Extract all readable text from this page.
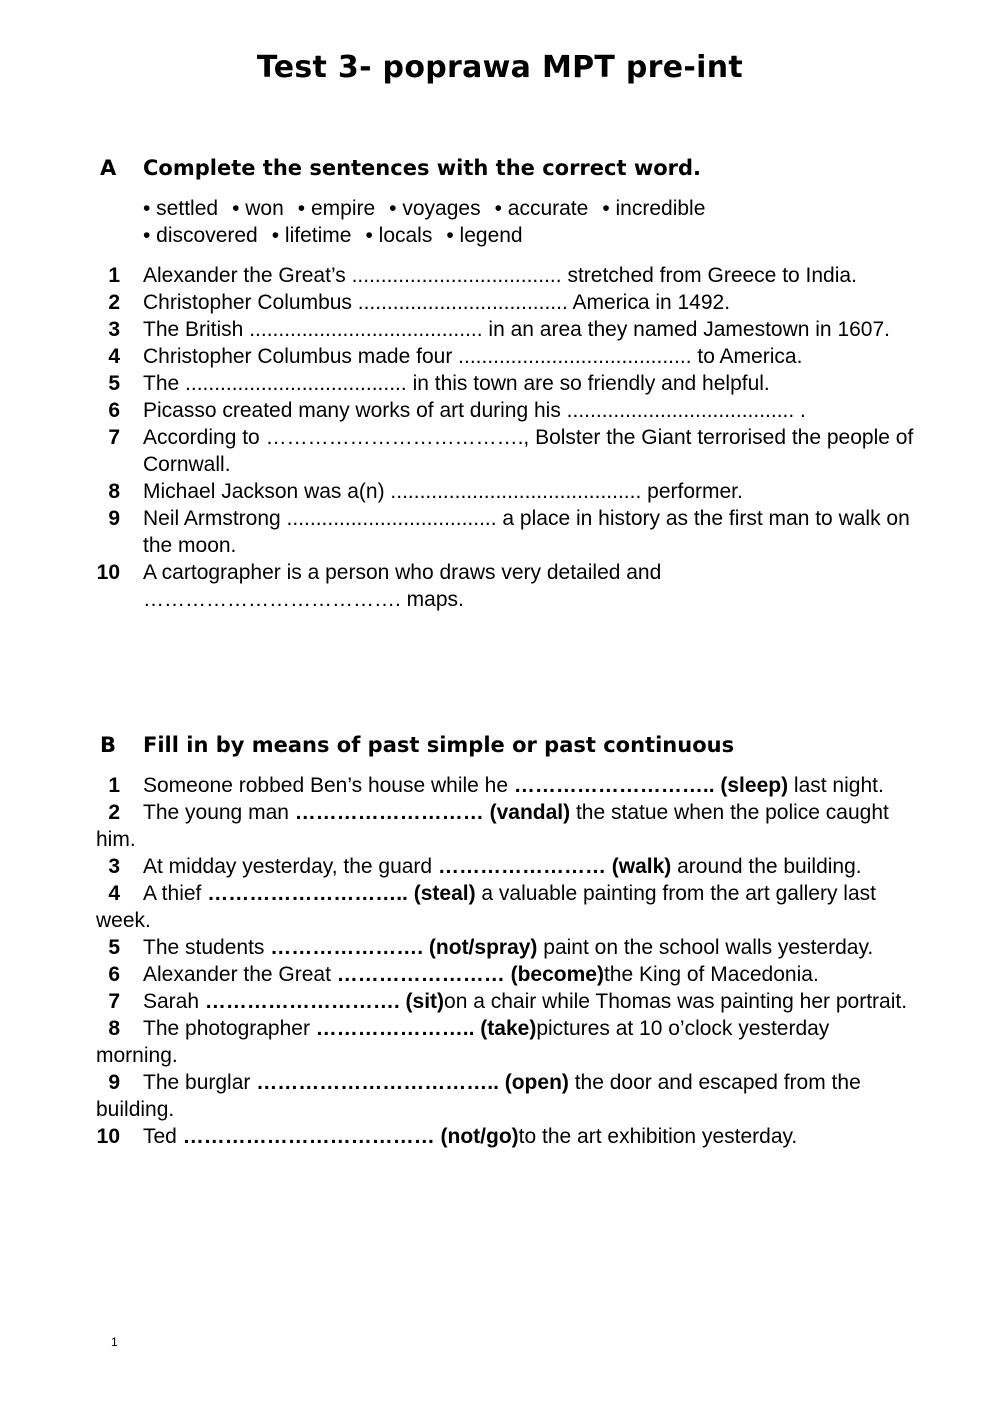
Test 3- poprawa MPT pre-int
A Complete the sentences with the correct word.
• settled • won • empire • voyages • accurate • incredible
• discovered • lifetime • locals • legend
1 Alexander the Great’s .................................... stretched from Greece to India.
2 Christopher Columbus .................................... America in 1492.
3 The British ........................................ in an area they named Jamestown in 1607.
4 Christopher Columbus made four ........................................ to America.
5 The ...................................... in this town are so friendly and helpful.
6 Picasso created many works of art during his ....................................... .
7 According to ………………………………., Bolster the Giant terrorised the people of Cornwall.
8 Michael Jackson was a(n) ........................................... performer.
9 Neil Armstrong .................................... a place in history as the first man to walk on the moon.
10 A cartographer is a person who draws very detailed and ………………………………. maps.
B Fill in by means of past simple or past continuous
1 Someone robbed Ben’s house while he ……………………….. (sleep) last night.
2 The young man ……………………… (vandal) the statue when the police caught him.
3 At midday yesterday, the guard …………………… (walk) around the building.
4 A thief ……………………….. (steal) a valuable painting from the art gallery last week.
5 The students …………………. (not/spray) paint on the school walls yesterday.
6 Alexander the Great …………………… (become)the King of Macedonia.
7 Sarah ………………………. (sit)on a chair while Thomas was painting her portrait.
8 The photographer ………………….. (take)pictures at 10 o’clock yesterday morning.
9 The burglar …………………………….. (open) the door and escaped from the building.
10 Ted ……………………………… (not/go)to the art exhibition yesterday.
1
